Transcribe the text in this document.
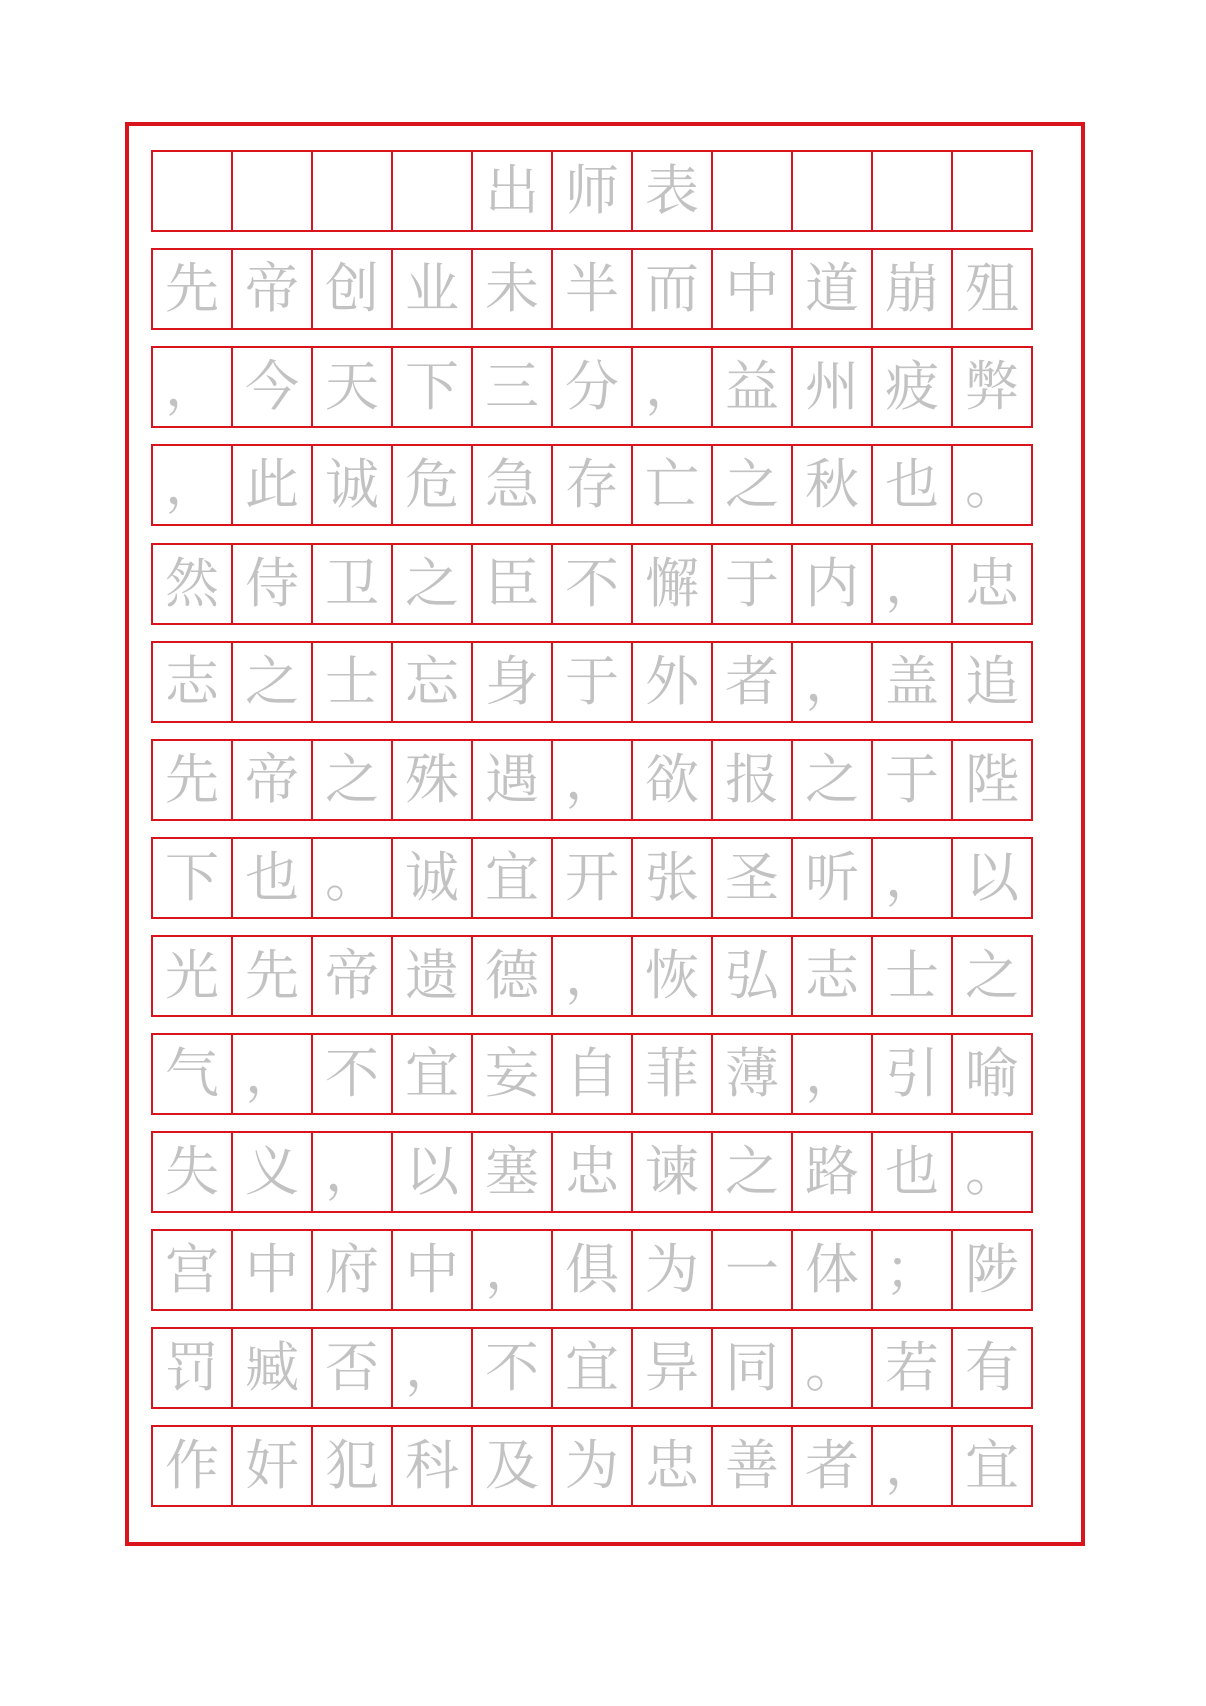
出 师 表
先 帝 创 业 未 半 而 中 道 崩 殂
， 今 天 下 三 分 ， 益 州 疲 弊
， 此 诚 危 急 存 亡 之 秋 也 。
然 侍 卫 之 臣 不 懈 于 内 ， 忠
志 之 士 忘 身 于 外 者 ， 盖 追
先 帝 之 殊 遇 ， 欲 报 之 于 陛
下 也 。 诚 宜 开 张 圣 听 ， 以
光 先 帝 遗 德 ， 恢 弘 志 士 之
气 ， 不 宜 妄 自 菲 薄 ， 引 喻
失 义 ， 以 塞 忠 谏 之 路 也 。
宫 中 府 中 ， 俱 为 一 体 ； 陟
罚 臧 否 ， 不 宜 异 同 。 若 有
作 奸 犯 科 及 为 忠 善 者 ， 宜
